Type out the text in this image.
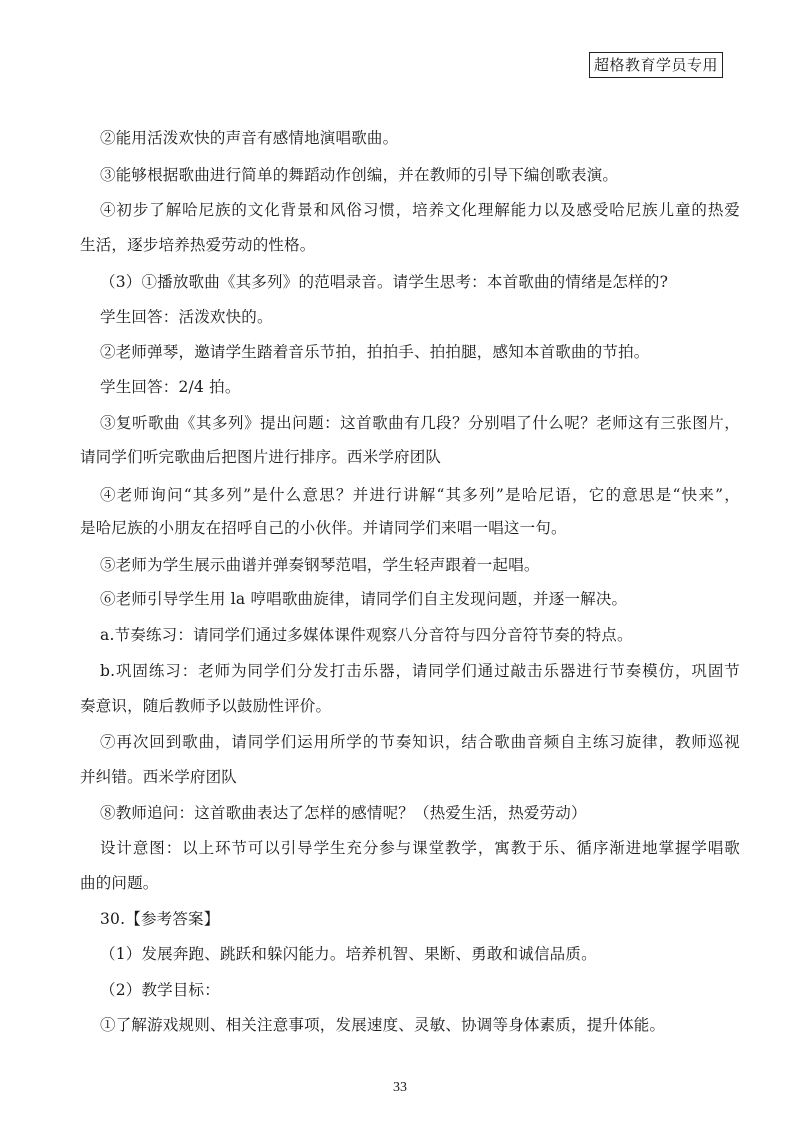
超格教育学员专用
②能用活泼欢快的声音有感情地演唱歌曲。
③能够根据歌曲进行简单的舞蹈动作创编，并在教师的引导下编创歌表演。
④初步了解哈尼族的文化背景和风俗习惯，培养文化理解能力以及感受哈尼族儿童的热爱
生活，逐步培养热爱劳动的性格。
（3）①播放歌曲《其多列》的范唱录音。请学生思考：本首歌曲的情绪是怎样的?
学生回答：活泼欢快的。
②老师弹琴，邀请学生踏着音乐节拍，拍拍手、拍拍腿，感知本首歌曲的节拍。
学生回答：2/4 拍。
③复听歌曲《其多列》提出问题：这首歌曲有几段？分别唱了什么呢？老师这有三张图片，
请同学们听完歌曲后把图片进行排序。西米学府团队
④老师询问“其多列”是什么意思？并进行讲解“其多列”是哈尼语，它的意思是“快来”，
是哈尼族的小朋友在招呼自己的小伙伴。并请同学们来唱一唱这一句。
⑤老师为学生展示曲谱并弹奏钢琴范唱，学生轻声跟着一起唱。
⑥老师引导学生用 la 哼唱歌曲旋律，请同学们自主发现问题，并逐一解决。
a.节奏练习：请同学们通过多媒体课件观察八分音符与四分音符节奏的特点。
b.巩固练习：老师为同学们分发打击乐器，请同学们通过敲击乐器进行节奏模仿，巩固节
奏意识，随后教师予以鼓励性评价。
⑦再次回到歌曲，请同学们运用所学的节奏知识，结合歌曲音频自主练习旋律，教师巡视
并纠错。西米学府团队
⑧教师追问：这首歌曲表达了怎样的感情呢？（热爱生活，热爱劳动）
设计意图：以上环节可以引导学生充分参与课堂教学，寓教于乐、循序渐进地掌握学唱歌
曲的问题。
30.【参考答案】
（1）发展奔跑、跳跃和躲闪能力。培养机智、果断、勇敢和诚信品质。
（2）教学目标：
①了解游戏规则、相关注意事项，发展速度、灵敏、协调等身体素质，提升体能。
33
